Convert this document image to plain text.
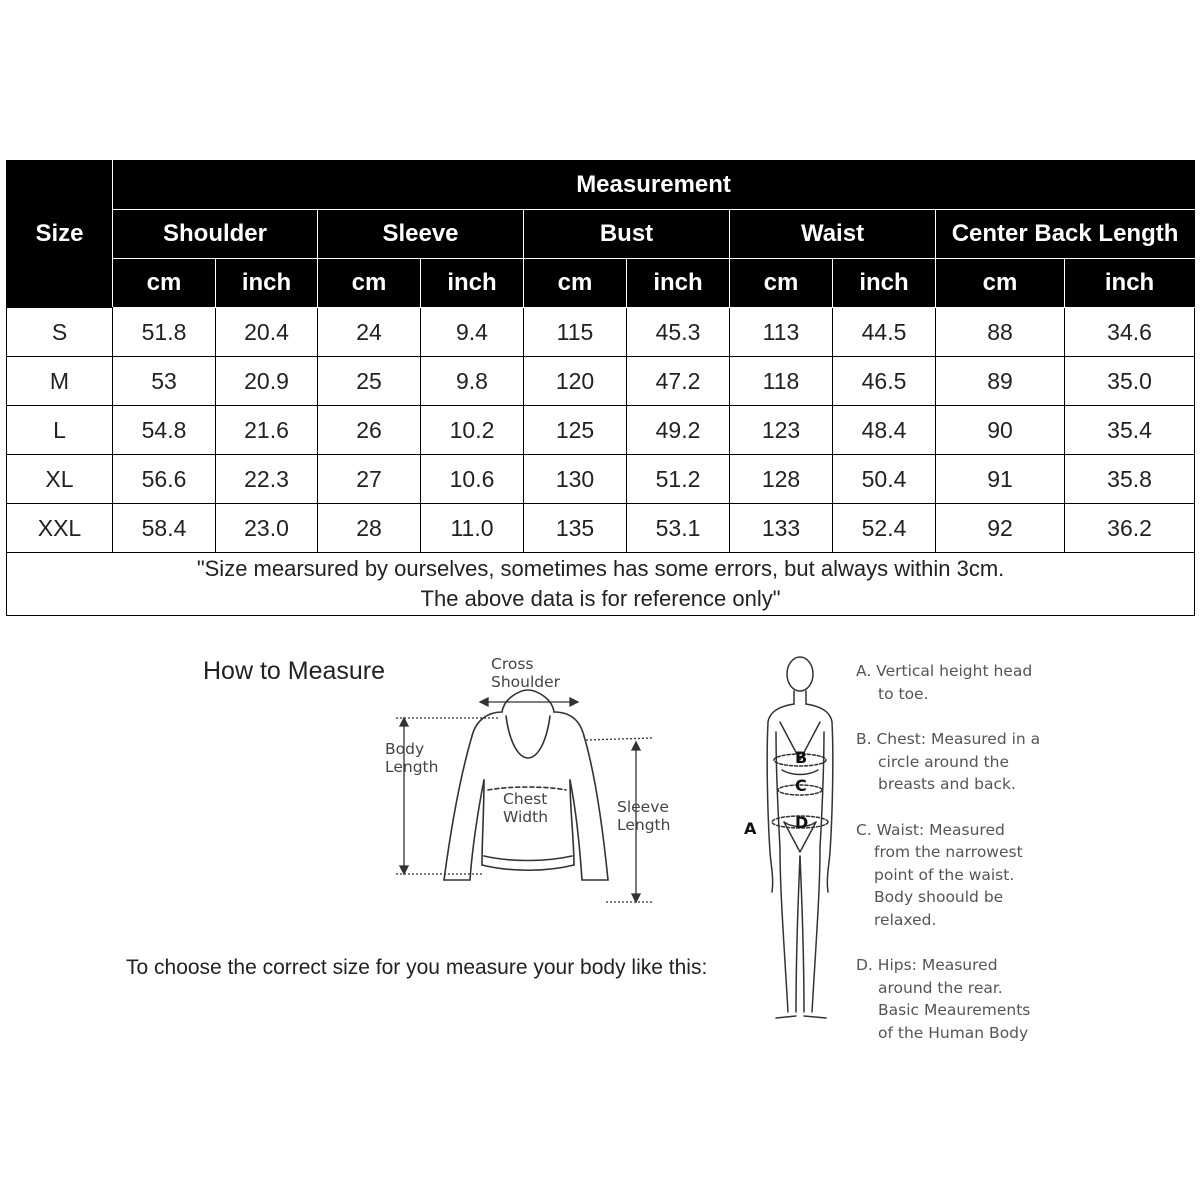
Size	Measurement									
	Shoulder		Sleeve		Bust		Waist		Center Back Length	
	cm	inch	cm	inch	cm	inch	cm	inch	cm	inch
S	51.8	20.4	24	9.4	115	45.3	113	44.5	88	34.6
M	53	20.9	25	9.8	120	47.2	118	46.5	89	35.0
L	54.8	21.6	26	10.2	125	49.2	123	48.4	90	35.4
XL	56.6	22.3	27	10.6	130	51.2	128	50.4	91	35.8
XXL	58.4	23.0	28	11.0	135	53.1	133	52.4	92	36.2
"Size mearsured by ourselves, sometimes has some errors, but always within 3cm.
The above data is for reference only"										
How to Measure
To choose the correct size for you measure your body like this:
Cross
Shoulder
Body
Length
Chest
Width
Sleeve
Length
B
C
D
A
A. Vertical height head
to toe.
B. Chest: Measured in a
circle around the
breasts and back.
C. Waist: Measured
from the narrowest
point of the waist.
Body shoould be
relaxed.
D. Hips: Measured
around the rear.
Basic Meaurements
of the Human Body
